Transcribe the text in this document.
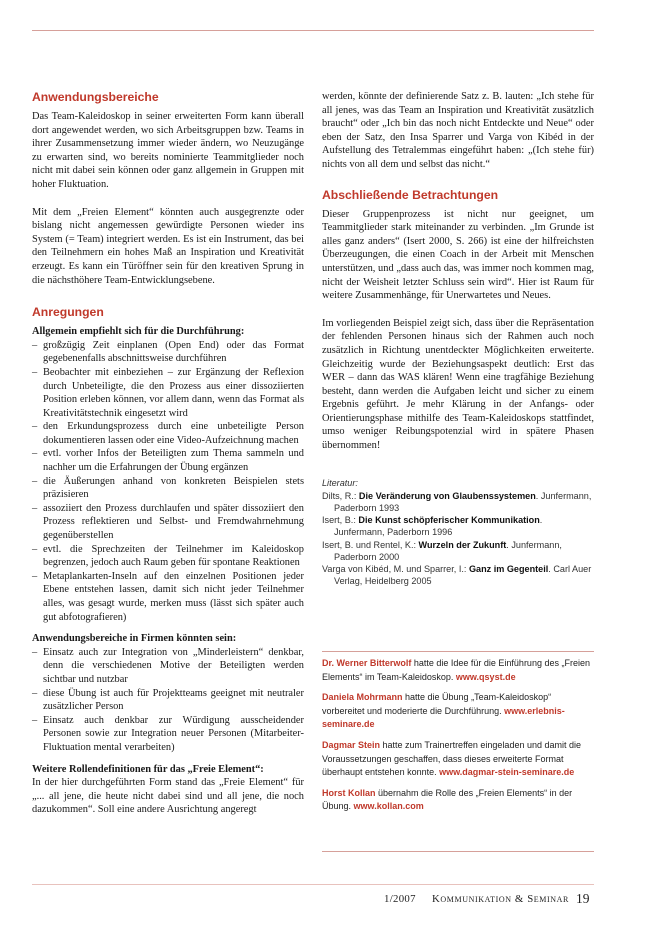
Anwendungsbereiche

Das Team-Kaleidoskop in seiner erweiterten Form kann überall dort angewendet werden, wo sich Arbeitsgruppen bzw. Teams in ihrer Zusammensetzung immer wieder ändern, wo Neuzugänge zu erwarten sind, wo bereits nominierte Teammitglieder noch nicht mit dabei sein können oder ganz allgemein in Gruppen mit hoher Fluktuation.

Mit dem „Freien Element“ könnten auch ausgegrenzte oder bislang nicht angemessen gewürdigte Personen wieder ins System (= Team) integriert werden. Es ist ein Instrument, das bei den Teilnehmern ein hohes Maß an Inspiration und Kreativität erzeugt. Es kann ein Türöffner sein für den kreativen Sprung in die nächsthöhere Team-Entwicklungsebene.

Anregungen
Allgemein empfiehlt sich für die Durchführung:
– großzügig Zeit einplanen (Open End) oder das Format gegebenenfalls abschnittsweise durchführen
– Beobachter mit einbeziehen – zur Ergänzung der Reflexion durch Unbeteiligte, die den Prozess aus einer dissoziierten Position erleben können, vor allem dann, wenn das Format als Kreativitätstechnik eingesetzt wird
– den Erkundungsprozess durch eine unbeteiligte Person dokumentieren lassen oder eine Video-Aufzeichnung machen
– evtl. vorher Infos der Beteiligten zum Thema sammeln und nachher um die Erfahrungen der Übung ergänzen
– die Äußerungen anhand von konkreten Beispielen stets präzisieren
– assoziiert den Prozess durchlaufen und später dissoziiert den Prozess reflektieren und Selbst- und Fremdwahrnehmung gegenüberstellen
– evtl. die Sprechzeiten der Teilnehmer im Kaleidoskop begrenzen, jedoch auch Raum geben für spontane Reaktionen
– Metaplankarten-Inseln auf den einzelnen Positionen jeder Ebene entstehen lassen, damit sich nicht jeder Teilnehmer alles, was gesagt wurde, merken muss (lässt sich später auch gut abfotografieren)
Anwendungsbereiche in Firmen könnten sein:
– Einsatz auch zur Integration von „Minderleistern“ denkbar, denn die verschiedenen Motive der Beteiligten werden sichtbar und nutzbar
– diese Übung ist auch für Projektteams geeignet mit neutraler zusätzlicher Person
– Einsatz auch denkbar zur Würdigung ausscheidender Personen sowie zur Integration neuer Personen (Mitarbeiter-Fluktuation mental verarbeiten)
Weitere Rollendefinitionen für das „Freie Element“:

In der hier durchgeführten Form stand das „Freie Element“ für „... all jene, die heute nicht dabei sind und all jene, die noch dazukommen“. Soll eine andere Ausrichtung angeregt

werden, könnte der definierende Satz z. B. lauten: „Ich stehe für all jenes, was das Team an Inspiration und Kreativität zusätzlich braucht“ oder „Ich bin das noch nicht Entdeckte und Neue“ oder eben der Satz, den Insa Sparrer und Varga von Kibéd in der Aufstellung des Tetralemmas eingeführt haben: „(Ich stehe für) nichts von all dem und selbst das nicht.“

Abschließende Betrachtungen

Dieser Gruppenprozess ist nicht nur geeignet, um Teammitglieder stark miteinander zu verbinden. „Im Grunde ist alles ganz anders“ (Isert 2000, S. 266) ist eine der hilfreichsten Überzeugungen, die einen Coach in der Arbeit mit Menschen unterstützen, und „dass auch das, was immer noch kommen mag, nicht der Weisheit letzter Schluss sein wird“. Hier ist Raum für weitere Zusammenhänge, für Unerwartetes und Neues.

Im vorliegenden Beispiel zeigt sich, dass über die Repräsentation der fehlenden Personen hinaus sich der Rahmen auch noch zusätzlich in Richtung unentdeckter Möglichkeiten erweiterte. Gleichzeitig wurde der Beziehungsaspekt deutlich: Erst das WER – dann das WAS klären! Wenn eine tragfähige Beziehung besteht, dann werden die Aufgaben leicht und sicher zu einem Ergebnis geführt. Je mehr Klärung in der Anfangs- oder Orientierungsphase mithilfe des Team-Kaleidoskops stattfindet, umso weniger Reibungspotenzial wird in spätere Phasen übernommen!

Literatur:
Dilts, R.: Die Veränderung von Glaubenssystemen. Junfermann, Paderborn 1993
Isert, B.: Die Kunst schöpferischer Kommunikation. Junfermann, Paderborn 1996
Isert, B. und Rentel, K.: Wurzeln der Zukunft. Junfermann, Paderborn 2000
Varga von Kibéd, M. und Sparrer, I.: Ganz im Gegenteil. Carl Auer Verlag, Heidelberg 2005
Dr. Werner Bitterwolf hatte die Idee für die Einführung des „Freien Elements“ im Team-Kaleidoskop. www.qsyst.de
Daniela Mohrmann hatte die Übung „Team-Kaleidoskop“ vorbereitet und moderierte die Durchführung. www.erlebnis-seminare.de
Dagmar Stein hatte zum Trainertreffen eingeladen und damit die Voraussetzungen geschaffen, dass dieses erweiterte Format überhaupt entstehen konnte. www.dagmar-stein-seminare.de
Horst Kollan übernahm die Rolle des „Freien Elements“ in der Übung. www.kollan.com
1/2007 Kommunikation & Seminar 19
